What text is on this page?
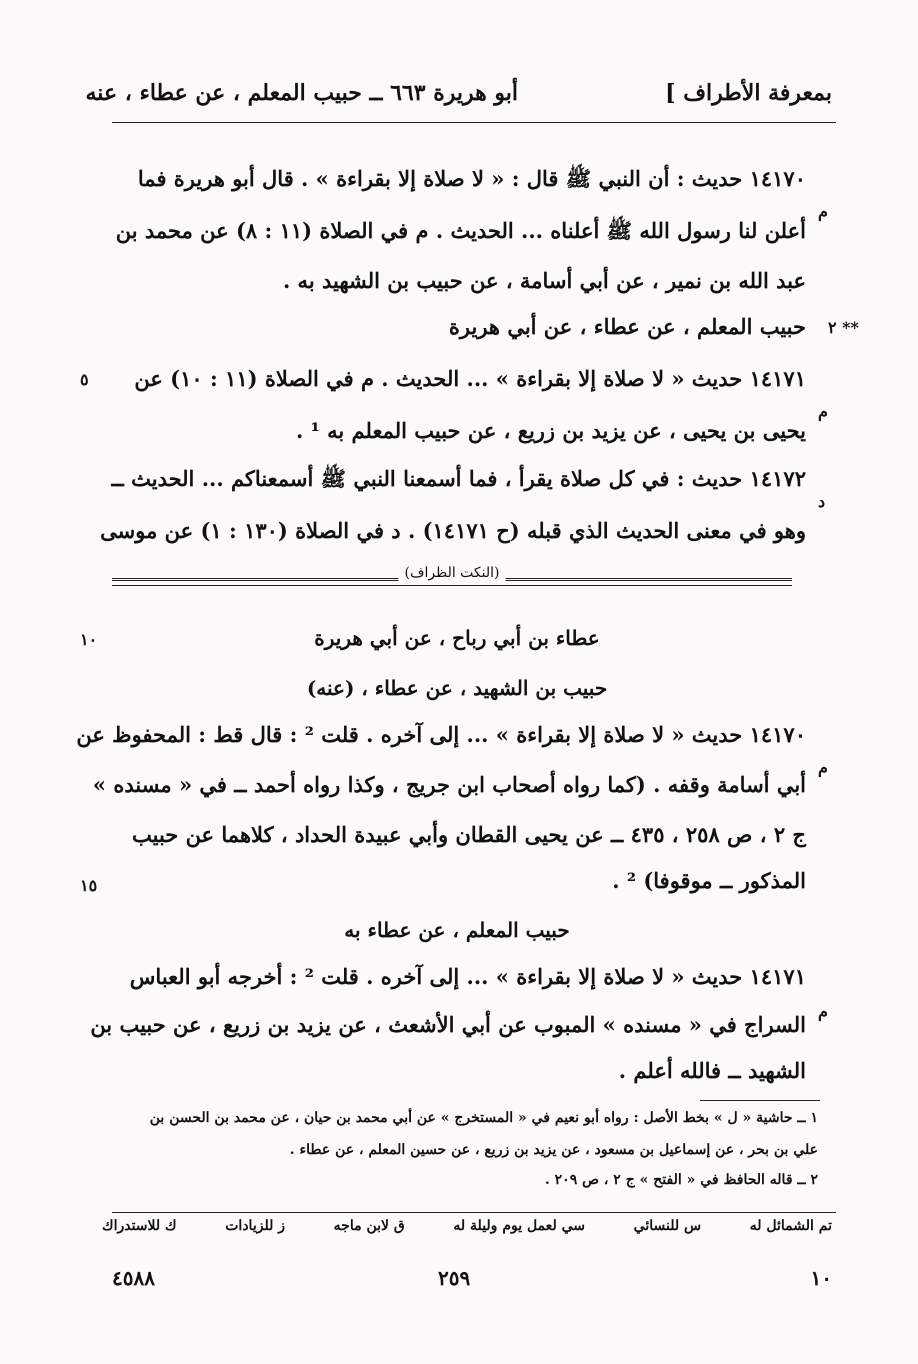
بمعرفة الأطراف ]
أبو هريرة ٦٦٣ ــ حبيب المعلم ، عن عطاء ، عنه
١٤١٧٠ حديث : أن النبي ﷺ قال : « لا صلاة إلا بقراءة » . قال أبو هريرة فما
م
أعلن لنا رسول الله ﷺ أعلناه ... الحديث . م في الصلاة (١١ : ٨) عن محمد بن
عبد الله بن نمير ، عن أبي أسامة ، عن حبيب بن الشهيد به .
٢ **
حبيب المعلم ، عن عطاء ، عن أبي هريرة
٥	١٤١٧١ حديث « لا صلاة إلا بقراءة » ... الحديث . م في الصلاة (١١ : ١٠) عن
م
يحيى بن يحيى ، عن يزيد بن زريع ، عن حبيب المعلم به ¹ .
١٤١٧٢ حديث : في كل صلاة يقرأ ، فما أسمعنا النبي ﷺ أسمعناكم ... الحديث ــ
د
وهو في معنى الحديث الذي قبله (ح ١٤١٧١) . د في الصلاة (١٣٠ : ١) عن موسى
(النكت الظراف)
١٠	عطاء بن أبي رباح ، عن أبي هريرة
حبيب بن الشهيد ، عن عطاء ، (عنه)
١٤١٧٠ حديث « لا صلاة إلا بقراءة » ... إلى آخره . قلت ² : قال قط : المحفوظ عن
م
أبي أسامة وقفه . (كما رواه أصحاب ابن جريج ، وكذا رواه أحمد ــ في « مسنده »
ج ٢ ، ص ٢٥٨ ، ٤٣٥ ــ عن يحيى القطان وأبي عبيدة الحداد ، كلاهما عن حبيب
١٥	المذكور ــ موقوفا) ² .
حبيب المعلم ، عن عطاء به
١٤١٧١ حديث « لا صلاة إلا بقراءة » ... إلى آخره . قلت ² : أخرجه أبو العباس
م
السراج في « مسنده » المبوب عن أبي الأشعث ، عن يزيد بن زريع ، عن حبيب بن
الشهيد ــ فالله أعلم .
١ ــ حاشية « ل » بخط الأصل : رواه أبو نعيم في « المستخرج » عن أبي محمد بن حيان ، عن محمد بن الحسن بن
علي بن بحر ، عن إسماعيل بن مسعود ، عن يزيد بن زريع ، عن حسين المعلم ، عن عطاء .
٢ ــ قاله الحافظ في « الفتح » ج ٢ ، ص ٢٠٩ .
تم الشمائل له
س للنسائي
سي لعمل يوم وليلة له
ق لابن ماجه
ز للزيادات
ك للاستدراك
١٠
٢٥٩
٤٥٨٨
